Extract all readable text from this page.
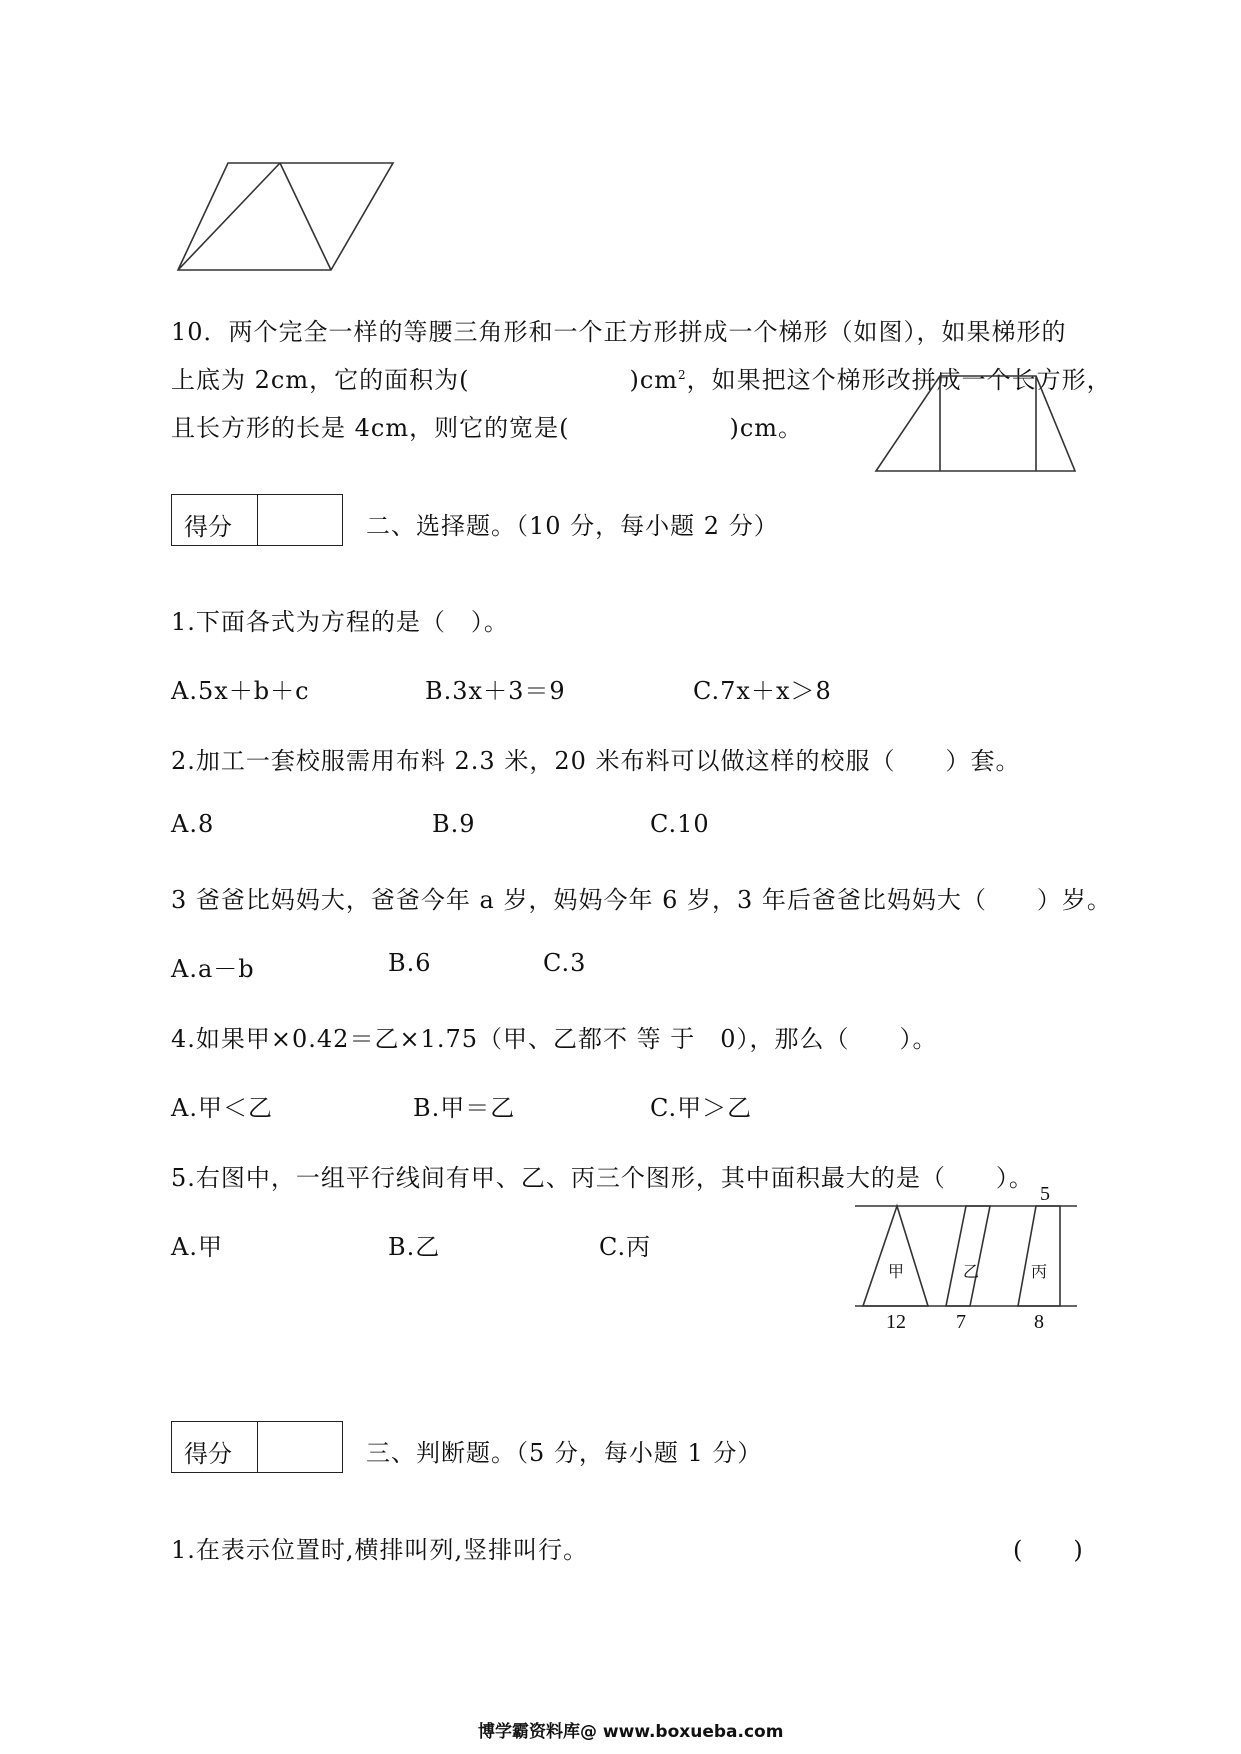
10．两个完全一样的等腰三角形和一个正方形拼成一个梯形（如图），如果梯形的
上底为 2cm，它的面积为(	)$cm^2$，如果把这个梯形改拼成一个长方形，
且长方形的长是 4cm，则它的宽是(	)cm。
得分	二、选择题。（10 分，每小题 2 分）
1.下面各式为方程的是（　）。
A.5x＋b＋c	B.3x＋3＝9	C.7x＋x＞8
2.加工一套校服需用布料 2.3 米，20 米布料可以做这样的校服（　　）套。
A.8	B.9	C.10
3 爸爸比妈妈大，爸爸今年 a 岁，妈妈今年 6 岁，3 年后爸爸比妈妈大（　　）岁。
A.a－b	B.6	C.3
4.如果甲×0.42＝乙×1.75（甲、乙都不 等 于　0），那么（　　）。
A.甲＜乙	B.甲＝乙	C.甲＞乙
5.右图中，一组平行线间有甲、乙、丙三个图形，其中面积最大的是（　　）。
A.甲	B.乙	C.丙
5
甲	乙	丙
12	7	8
得分	三、判断题。（5 分，每小题 1 分）
1.在表示位置时,横排叫列,竖排叫行。	(　　)
博学霸资料库@ www.boxueba.com
